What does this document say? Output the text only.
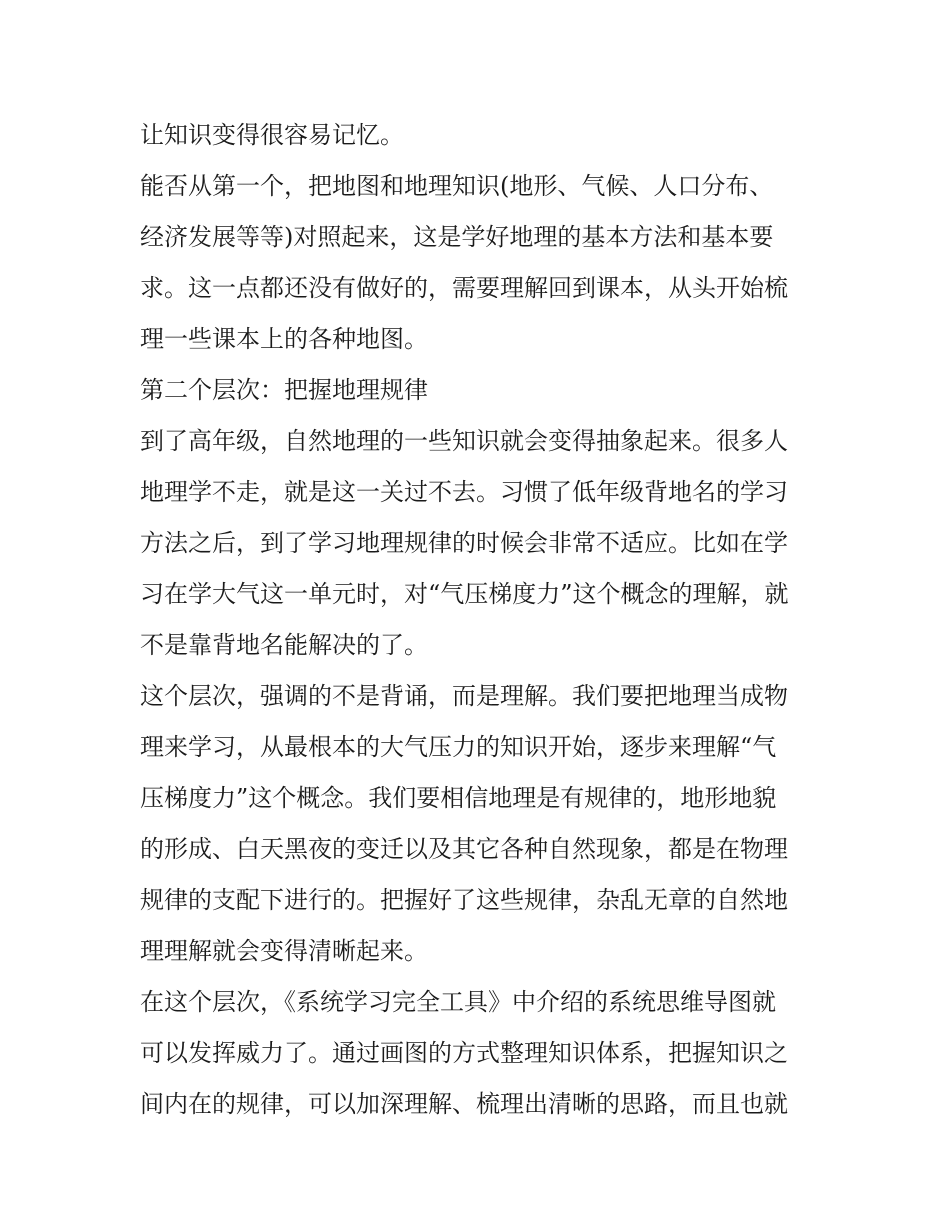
让知识变得很容易记忆。
能否从第一个，把地图和地理知识(地形、气候、人口分布、
经济发展等等)对照起来，这是学好地理的基本方法和基本要
求。这一点都还没有做好的，需要理解回到课本，从头开始梳
理一些课本上的各种地图。
第二个层次：把握地理规律
到了高年级，自然地理的一些知识就会变得抽象起来。很多人
地理学不走，就是这一关过不去。习惯了低年级背地名的学习
方法之后，到了学习地理规律的时候会非常不适应。比如在学
习在学大气这一单元时，对“气压梯度力”这个概念的理解，就
不是靠背地名能解决的了。
这个层次，强调的不是背诵，而是理解。我们要把地理当成物
理来学习，从最根本的大气压力的知识开始，逐步来理解“气
压梯度力”这个概念。我们要相信地理是有规律的，地形地貌
的形成、白天黑夜的变迁以及其它各种自然现象，都是在物理
规律的支配下进行的。把握好了这些规律，杂乱无章的自然地
理理解就会变得清晰起来。
在这个层次，《系统学习完全工具》中介绍的系统思维导图就
可以发挥威力了。通过画图的方式整理知识体系，把握知识之
间内在的规律，可以加深理解、梳理出清晰的思路，而且也就
